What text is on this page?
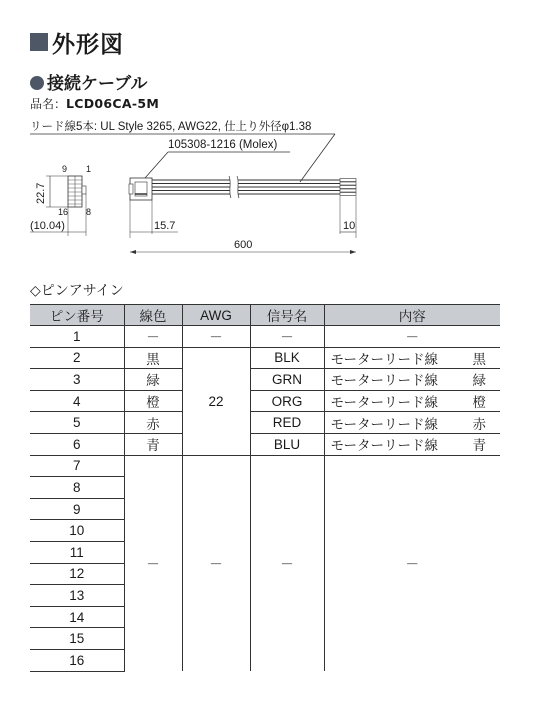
外形図
接続ケーブル
品名：LCD06CA-5M
リード線5本: UL Style 3265, AWG22, 仕上り外径φ1.38
105308-1216 (Molex)
9 1
16 8
22.7
(10.04)	15.7	10
600
◇ピンアサイン
ピン番号	線色	AWG	信号名	内容
1	－	－	－	－
2	黒	22	BLK	モーターリード線 黒

3	緑		GRN	モーターリード線 緑

4	橙		ORG	モーターリード線 橙

5	赤		RED	モーターリード線 赤

6	青		BLU	モーターリード線 青

7	－	－	－	－
8				
9				
10				
11				
12				
13				
14				
15				
16				
